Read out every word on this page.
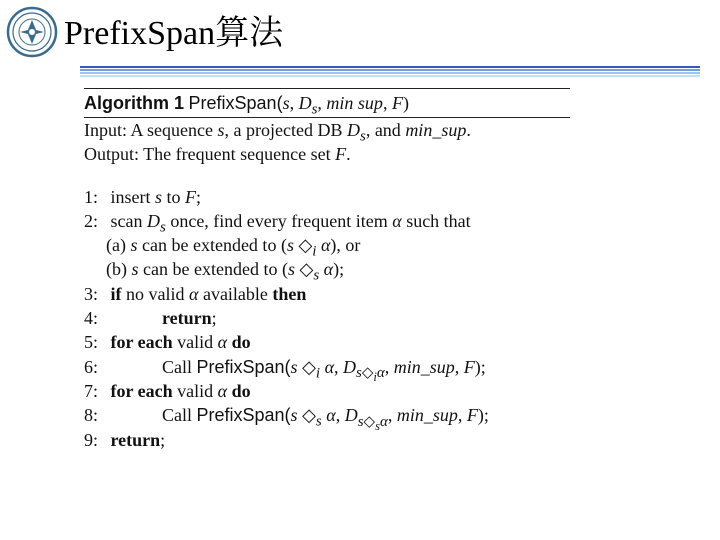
PrefixSpan算法
Algorithm 1 PrefixSpan(s, $D_s$, min sup, F)
Input: A sequence s, a projected DB $D_s$, and min_sup.
Output: The frequent sequence set F.
1: insert s to F;
2: scan $D_s$ once, find every frequent item α such that
(a) s can be extended to (s $◇_i$ α), or
(b) s can be extended to (s $◇_s$ α);
3: if no valid α available then
4:	return;
5: for each valid α do
6:	Call PrefixSpan(s $◇_i$ α, $D_{s◇_i\alpha}$, min_sup, F);
7: for each valid α do
8:	Call PrefixSpan(s $◇_s$ α, $D_{s◇_s\alpha}$, min_sup, F);
9: return;
